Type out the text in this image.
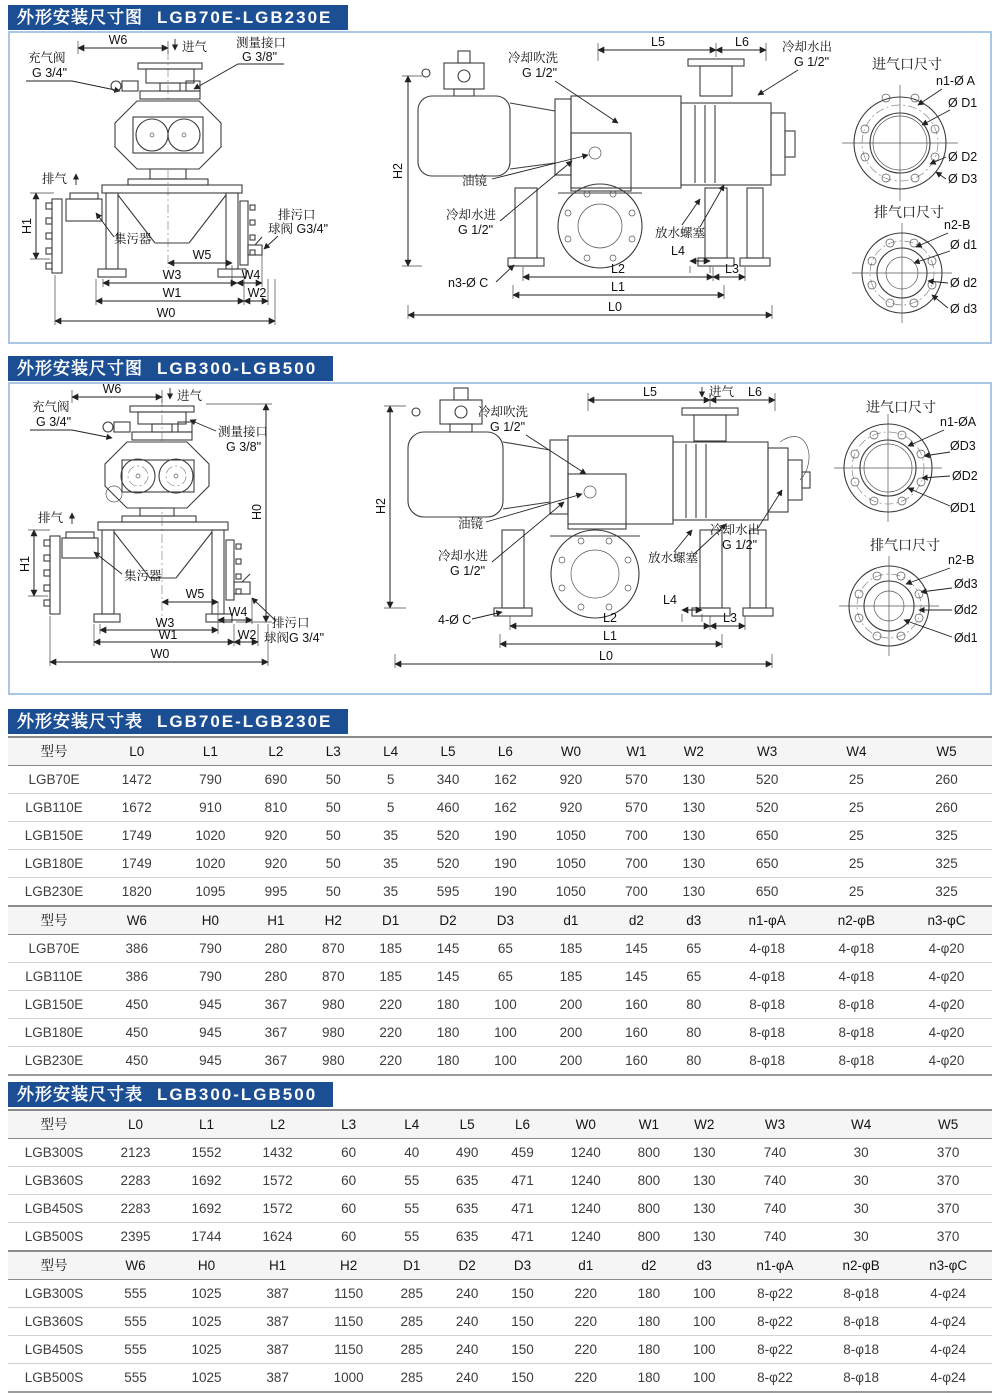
外形安装尺寸图 LGB70E-LGB230E
W6	进气
充气阀
G 3/4"
测量接口
G 3/8"
排气
集污器
排污口
球阀 G3/4"
H1
W5
W3	W4
W1	W2
W0
H2
冷却吹洗
G 1/2"
L5	L6	冷却水出
G 1/2"
油镜
冷却水进
G 1/2"	放水螺塞
n3-Ø C
L4
L2	L3
L1
L0
进气口尺寸
n1-Ø A
Ø D1
Ø D2
Ø D3
排气口尺寸
n2-B
Ø d1
Ø d2
Ø d3
外形安装尺寸图 LGB300-LGB500
W6	进气
充气阀
G 3/4"
测量接口
G 3/8"
排气	H0
H1
集污器
W5
W4
W3
W1	W2
W0
排污口
球阀G 3/4"
H2
冷却吹洗
G 1/2"
L5	进气 L6
油镜
冷却水进
G 1/2"
冷却水出
G 1/2"
放水螺塞
4-Ø C
L4
L2	L3
L1
L0
进气口尺寸
n1-ØA
ØD3
ØD2
ØD1
排气口尺寸
n2-B
Ød3
Ød2
Ød1
外形安装尺寸表 LGB70E-LGB230E
型号	L0	L1	L2	L3	L4	L5	L6	W0	W1	W2	W3	W4	W5
LGB70E	1472	790	690	50	5	340	162	920	570	130	520	25	260
LGB110E	1672	910	810	50	5	460	162	920	570	130	520	25	260
LGB150E	1749	1020	920	50	35	520	190	1050	700	130	650	25	325
LGB180E	1749	1020	920	50	35	520	190	1050	700	130	650	25	325
LGB230E	1820	1095	995	50	35	595	190	1050	700	130	650	25	325
型号	W6	H0	H1	H2	D1	D2	D3	d1	d2	d3	n1-φA	n2-φB	n3-φC
LGB70E	386	790	280	870	185	145	65	185	145	65	4-φ18	4-φ18	4-φ20
LGB110E	386	790	280	870	185	145	65	185	145	65	4-φ18	4-φ18	4-φ20
LGB150E	450	945	367	980	220	180	100	200	160	80	8-φ18	8-φ18	4-φ20
LGB180E	450	945	367	980	220	180	100	200	160	80	8-φ18	8-φ18	4-φ20
LGB230E	450	945	367	980	220	180	100	200	160	80	8-φ18	8-φ18	4-φ20
外形安装尺寸表 LGB300-LGB500
型号	L0	L1	L2	L3	L4	L5	L6	W0	W1	W2	W3	W4	W5
LGB300S	2123	1552	1432	60	40	490	459	1240	800	130	740	30	370
LGB360S	2283	1692	1572	60	55	635	471	1240	800	130	740	30	370
LGB450S	2283	1692	1572	60	55	635	471	1240	800	130	740	30	370
LGB500S	2395	1744	1624	60	55	635	471	1240	800	130	740	30	370
型号	W6	H0	H1	H2	D1	D2	D3	d1	d2	d3	n1-φA	n2-φB	n3-φC
LGB300S	555	1025	387	1150	285	240	150	220	180	100	8-φ22	8-φ18	4-φ24
LGB360S	555	1025	387	1150	285	240	150	220	180	100	8-φ22	8-φ18	4-φ24
LGB450S	555	1025	387	1150	285	240	150	220	180	100	8-φ22	8-φ18	4-φ24
LGB500S	555	1025	387	1000	285	240	150	220	180	100	8-φ22	8-φ18	4-φ24
